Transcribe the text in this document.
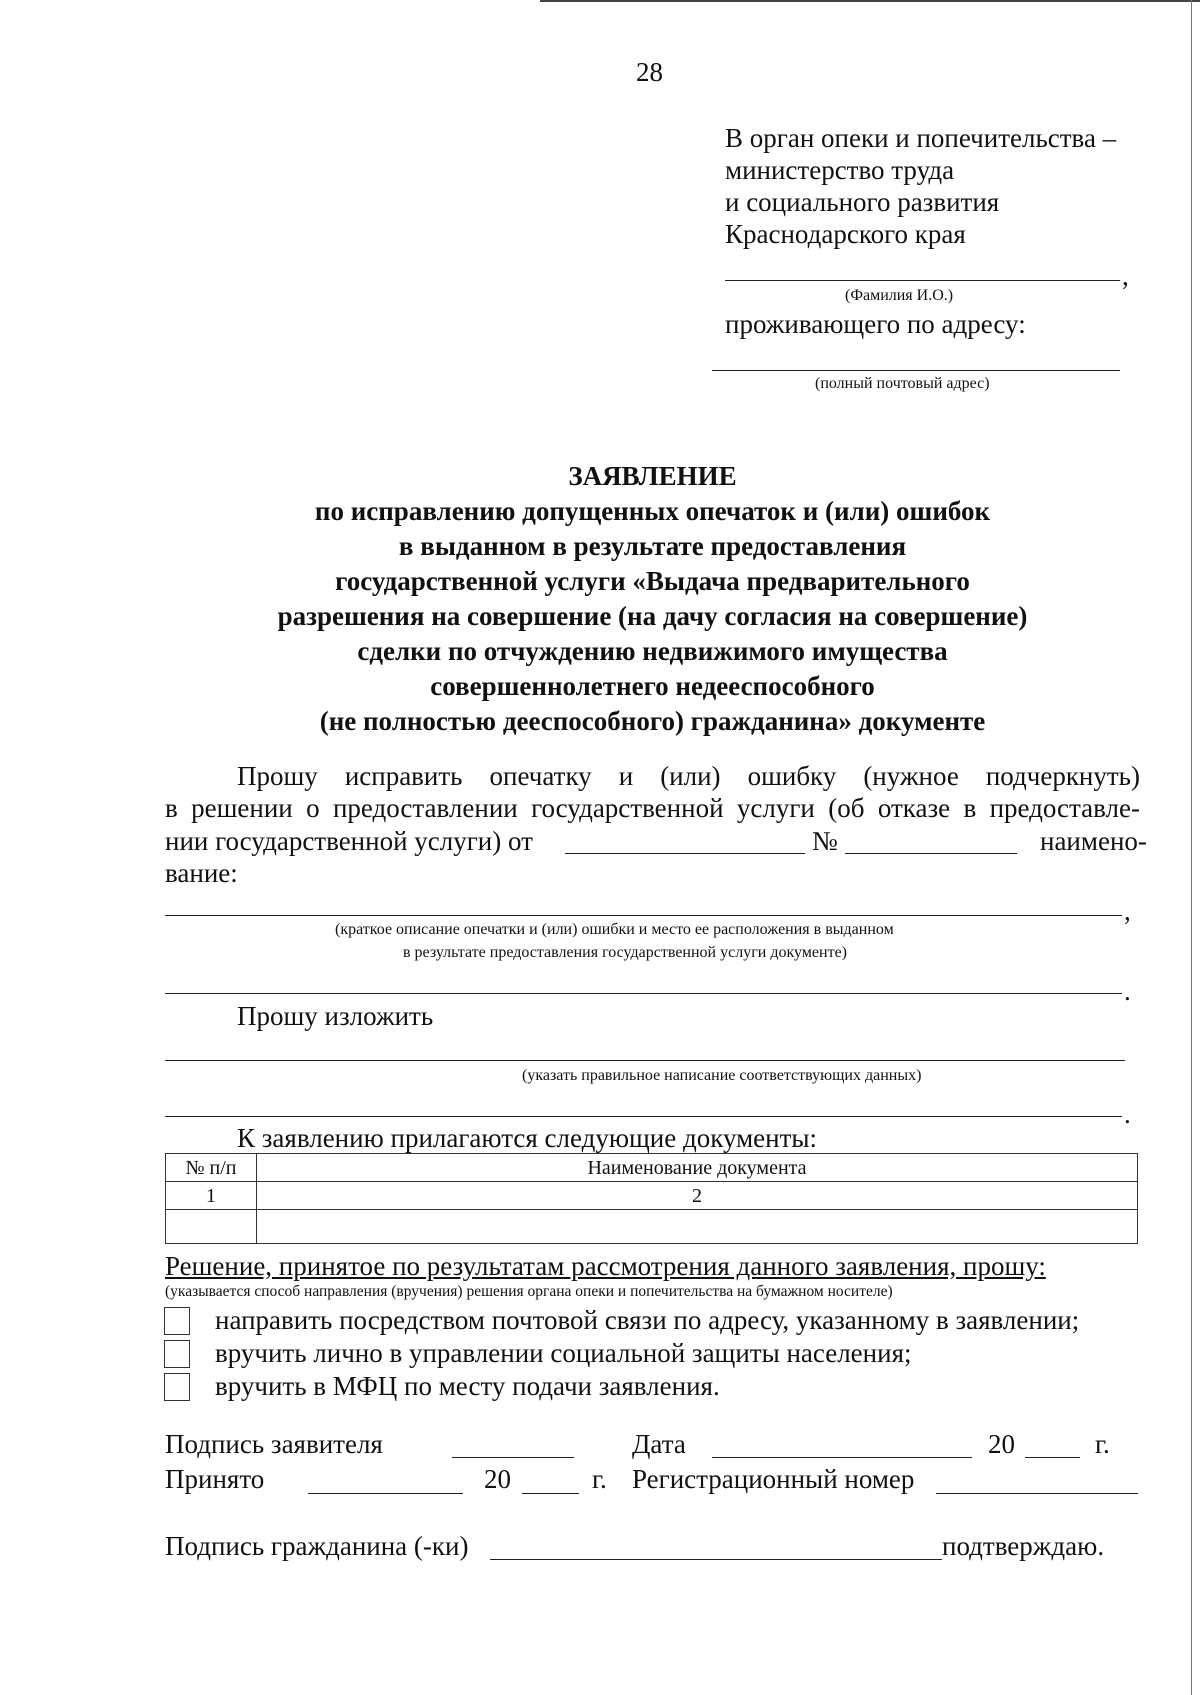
28
В орган опеки и попечительства –
министерство труда
и социального развития
Краснодарского края
,
(Фамилия И.О.)
проживающего по адресу:
(полный почтовый адрес)
ЗАЯВЛЕНИЕ
по исправлению допущенных опечаток и (или) ошибок
в выданном в результате предоставления
государственной услуги «Выдача предварительного
разрешения на совершение (на дачу согласия на совершение)
сделки по отчуждению недвижимого имущества
совершеннолетнего недееспособного
(не полностью дееспособного) гражданина» документе
Прошу исправить опечатку и (или) ошибку (нужное подчеркнуть)
в решении о предоставлении государственной услуги (об отказе в предоставле-
нии государственной услуги) от	№	наимено-
вание:
,
(краткое описание опечатки и (или) ошибки и место ее расположения в выданном
в результате предоставления государственной услуги документе)
.
Прошу изложить
(указать правильное написание соответствующих данных)
.
К заявлению прилагаются следующие документы:
№ п/п	Наименование документа
1	2

Решение, принятое по результатам рассмотрения данного заявления, прошу:
(указывается способ направления (вручения) решения органа опеки и попечительства на бумажном носителе)
направить посредством почтовой связи по адресу, указанному в заявлении;
вручить лично в управлении социальной защиты населения;
вручить в МФЦ по месту подачи заявления.
Подпись заявителя	Дата	20	г.
Принято	20	г. Регистрационный номер
Подпись гражданина (-ки)	подтверждаю.
